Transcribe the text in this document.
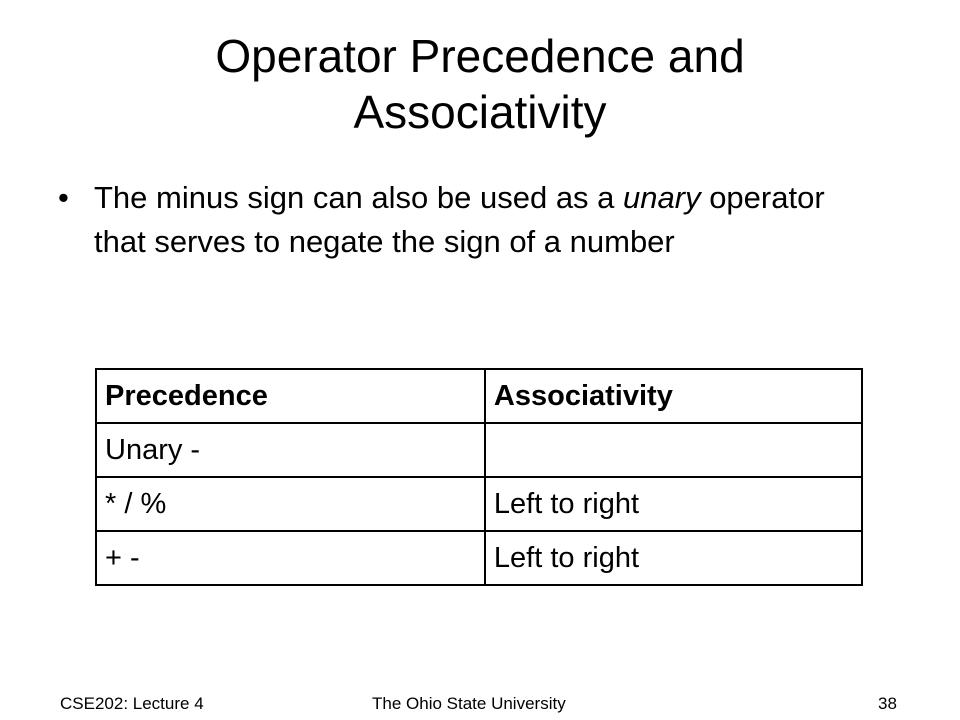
Operator Precedence and
Associativity
• The minus sign can also be used as a unary operator that serves to negate the sign of a number
Precedence	Associativity
Unary -	
* / %	Left to right
+ -	Left to right
CSE202: Lecture 4	The Ohio State University	38
